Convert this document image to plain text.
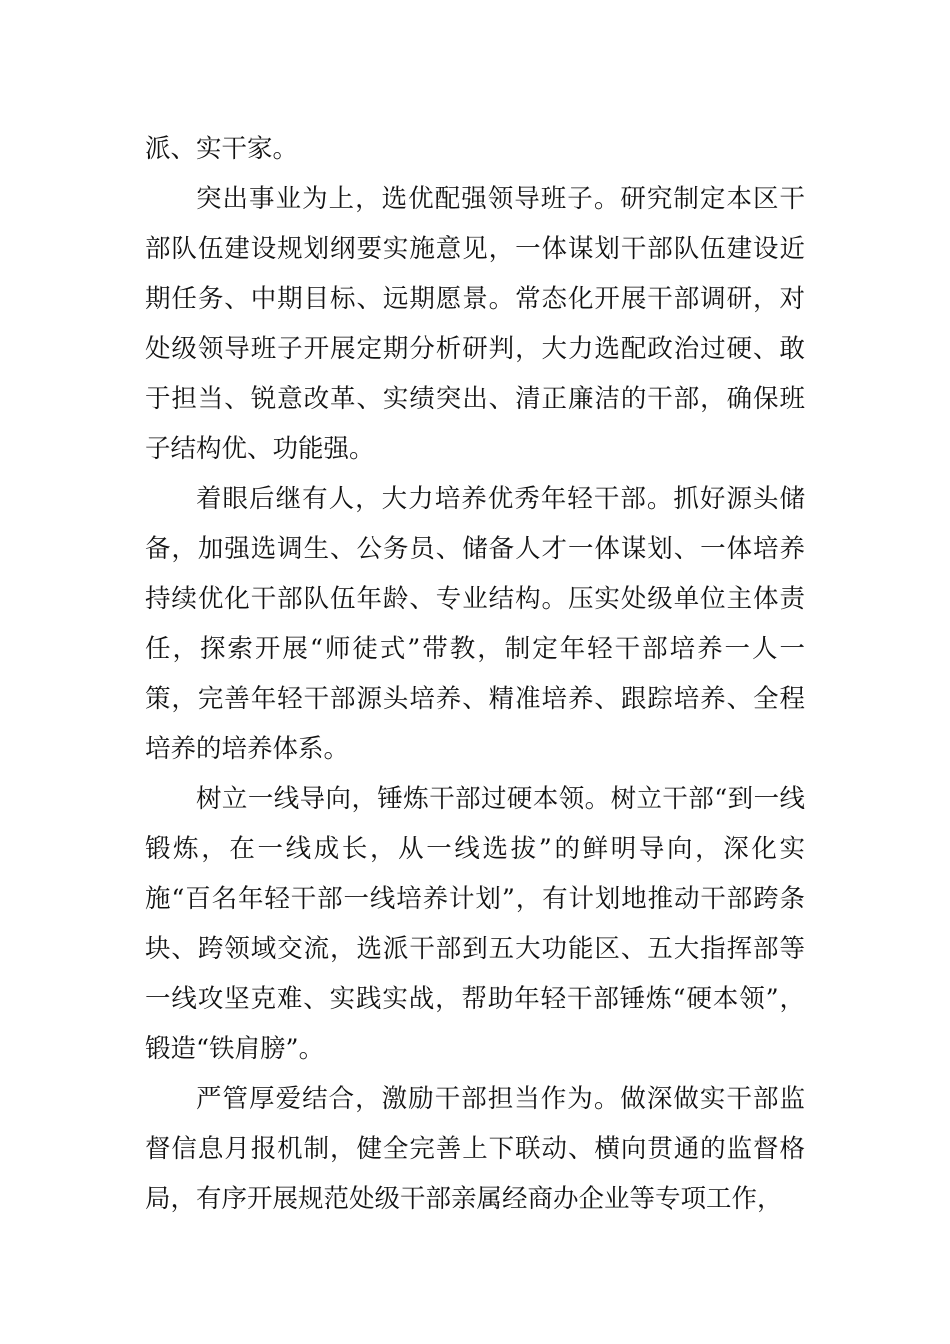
派、实干家。

突出事业为上，选优配强领导班子。研究制定本区干部队伍建设规划纲要实施意见，一体谋划干部队伍建设近期任务、中期目标、远期愿景。常态化开展干部调研，对处级领导班子开展定期分析研判，大力选配政治过硬、敢于担当、锐意改革、实绩突出、清正廉洁的干部，确保班子结构优、功能强。

着眼后继有人，大力培养优秀年轻干部。抓好源头储备，加强选调生、公务员、储备人才一体谋划、一体培养持续优化干部队伍年龄、专业结构。压实处级单位主体责任，探索开展“师徒式”带教，制定年轻干部培养一人一策，完善年轻干部源头培养、精准培养、跟踪培养、全程培养的培养体系。

树立一线导向，锤炼干部过硬本领。树立干部“到一线锻炼，在一线成长，从一线选拔”的鲜明导向，深化实施“百名年轻干部一线培养计划”，有计划地推动干部跨条块、跨领域交流，选派干部到五大功能区、五大指挥部等一线攻坚克难、实践实战，帮助年轻干部锤炼“硬本领”，锻造“铁肩膀”。

严管厚爱结合，激励干部担当作为。做深做实干部监督信息月报机制，健全完善上下联动、横向贯通的监督格局，有序开展规范处级干部亲属经商办企业等专项工作，
